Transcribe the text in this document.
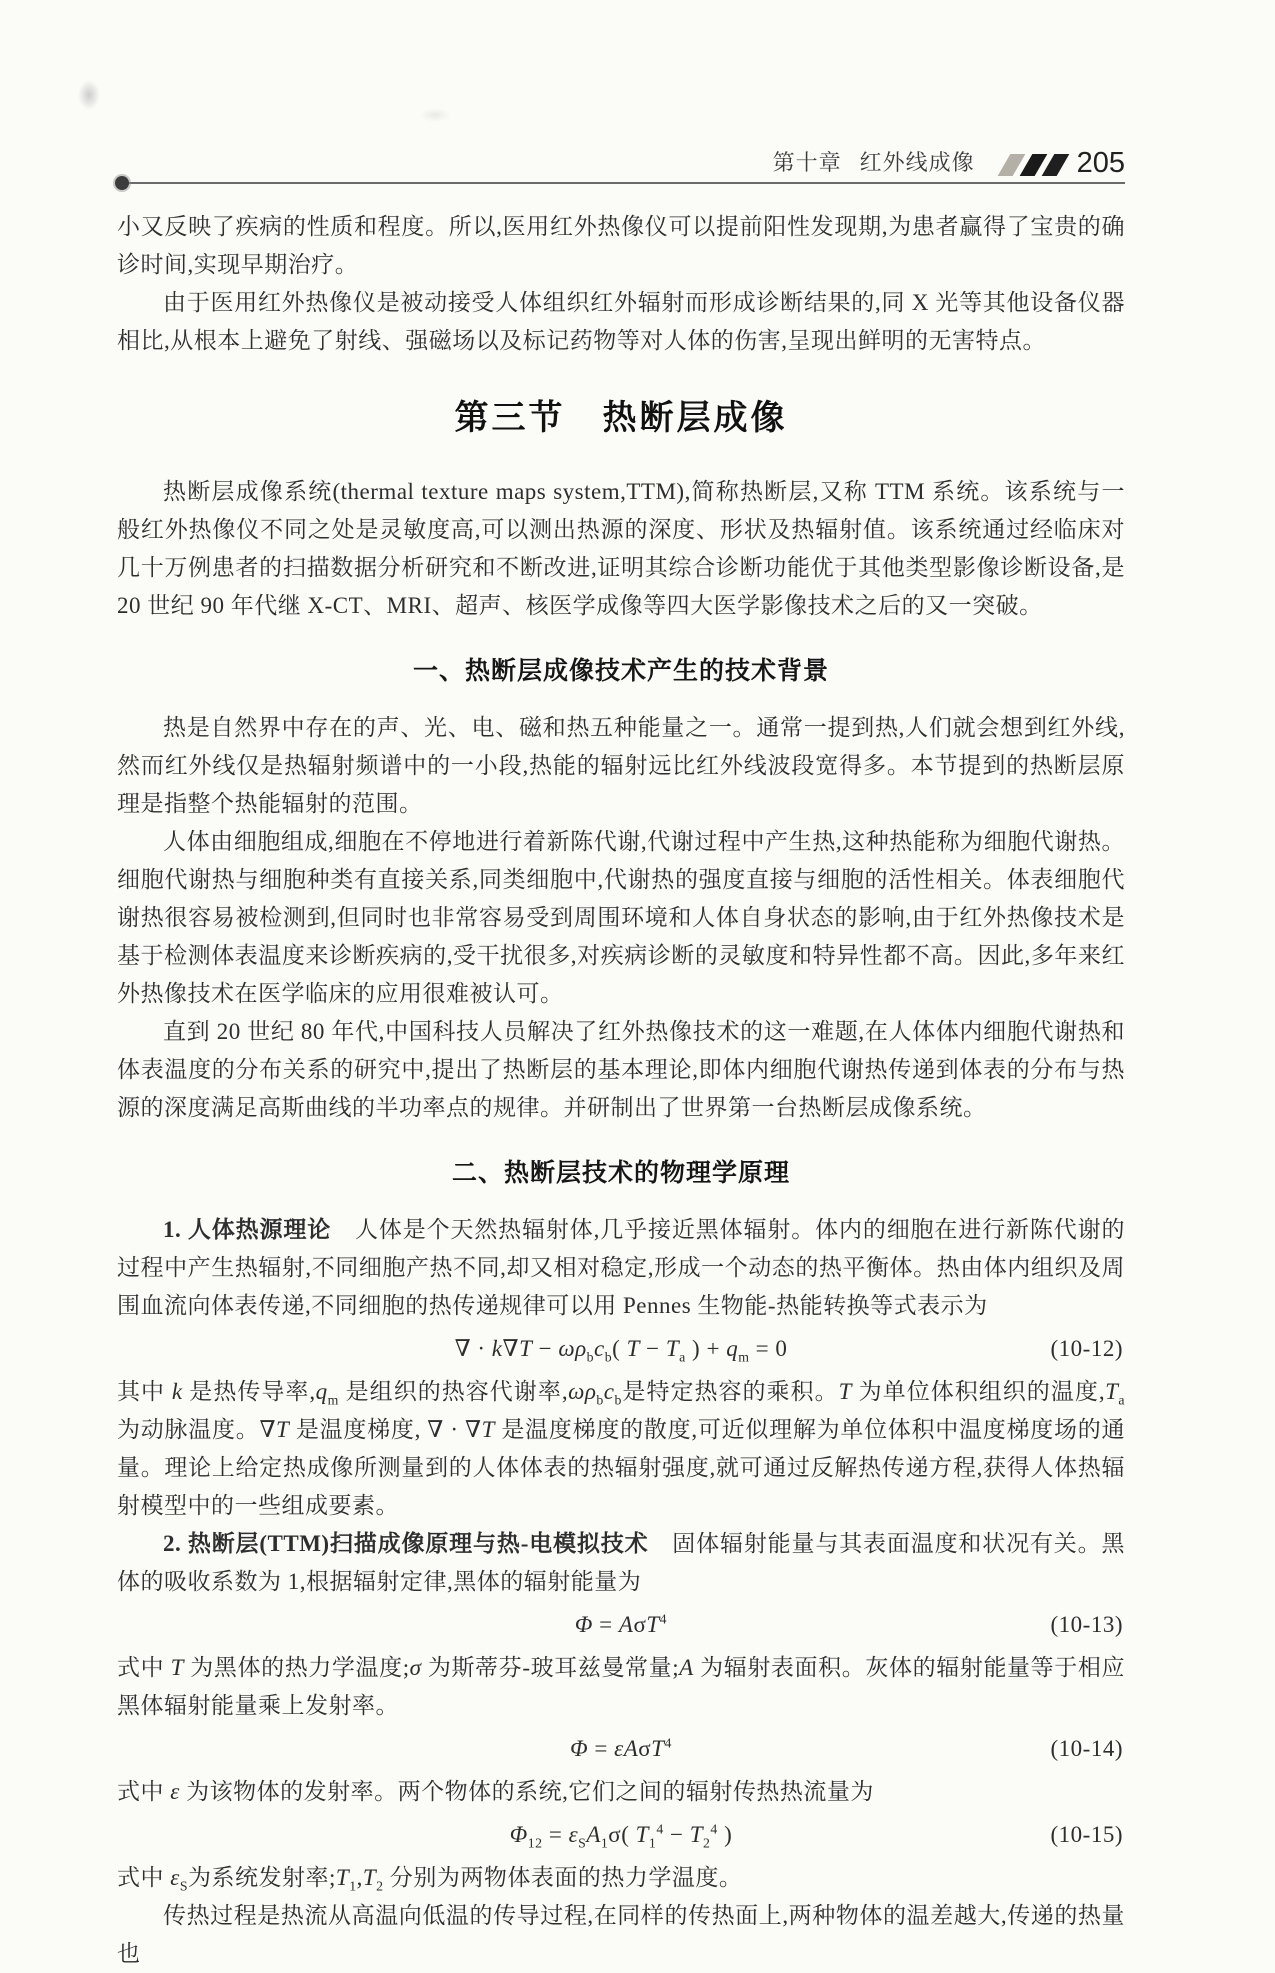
第十章 红外线成像	205

小又反映了疾病的性质和程度。所以,医用红外热像仪可以提前阳性发现期,为患者赢得了宝贵的确诊时间,实现早期治疗。

由于医用红外热像仪是被动接受人体组织红外辐射而形成诊断结果的,同 X 光等其他设备仪器相比,从根本上避免了射线、强磁场以及标记药物等对人体的伤害,呈现出鲜明的无害特点。

第三节　热断层成像

热断层成像系统(thermal texture maps system,TTM),简称热断层,又称 TTM 系统。该系统与一般红外热像仪不同之处是灵敏度高,可以测出热源的深度、形状及热辐射值。该系统通过经临床对几十万例患者的扫描数据分析研究和不断改进,证明其综合诊断功能优于其他类型影像诊断设备,是 20 世纪 90 年代继 X-CT、MRI、超声、核医学成像等四大医学影像技术之后的又一突破。

一、热断层成像技术产生的技术背景

热是自然界中存在的声、光、电、磁和热五种能量之一。通常一提到热,人们就会想到红外线,然而红外线仅是热辐射频谱中的一小段,热能的辐射远比红外线波段宽得多。本节提到的热断层原理是指整个热能辐射的范围。

人体由细胞组成,细胞在不停地进行着新陈代谢,代谢过程中产生热,这种热能称为细胞代谢热。细胞代谢热与细胞种类有直接关系,同类细胞中,代谢热的强度直接与细胞的活性相关。体表细胞代谢热很容易被检测到,但同时也非常容易受到周围环境和人体自身状态的影响,由于红外热像技术是基于检测体表温度来诊断疾病的,受干扰很多,对疾病诊断的灵敏度和特异性都不高。因此,多年来红外热像技术在医学临床的应用很难被认可。

直到 20 世纪 80 年代,中国科技人员解决了红外热像技术的这一难题,在人体体内细胞代谢热和体表温度的分布关系的研究中,提出了热断层的基本理论,即体内细胞代谢热传递到体表的分布与热源的深度满足高斯曲线的半功率点的规律。并研制出了世界第一台热断层成像系统。

二、热断层技术的物理学原理

1. 人体热源理论　人体是个天然热辐射体,几乎接近黑体辐射。体内的细胞在进行新陈代谢的过程中产生热辐射,不同细胞产热不同,却又相对稳定,形成一个动态的热平衡体。热由体内组织及周围血流向体表传递,不同细胞的热传递规律可以用 Pennes 生物能-热能转换等式表示为

∇ · $k\nabla T - \omega\rho_bc_b$( $T - T_a$ ) + $q_m = 0$	(10-12)

其中 k 是热传导率$,q_m$ 是组织的热容代谢率$,\omega\rho_bc_b$是特定热容的乘积。T 为单位体积组织的温度$,T_a$ 为动脉温度。∇T 是温度梯度, ∇ · ∇T 是温度梯度的散度,可近似理解为单位体积中温度梯度场的通量。理论上给定热成像所测量到的人体体表的热辐射强度,就可通过反解热传递方程,获得人体热辐射模型中的一些组成要素。

2. 热断层(TTM)扫描成像原理与热-电模拟技术　固体辐射能量与其表面温度和状况有关。黑体的吸收系数为 1,根据辐射定律,黑体的辐射能量为

Φ = AσT$^4$	(10-13)

式中 T 为黑体的热力学温度;σ 为斯蒂芬-玻耳兹曼常量;A 为辐射表面积。灰体的辐射能量等于相应黑体辐射能量乘上发射率。

Φ = εAσT$^4$	(10-14)

式中 ε 为该物体的发射率。两个物体的系统,它们之间的辐射传热热流量为

$\Phi_{12} = \varepsilon_SA_1\sigma$( $T_1^4 - T_2^4$ )	(10-15)

式中 $\varepsilon_S$为系统发射率$;T_1,T_2$ 分别为两物体表面的热力学温度。

传热过程是热流从高温向低温的传导过程,在同样的传热面上,两种物体的温差越大,传递的热量也
